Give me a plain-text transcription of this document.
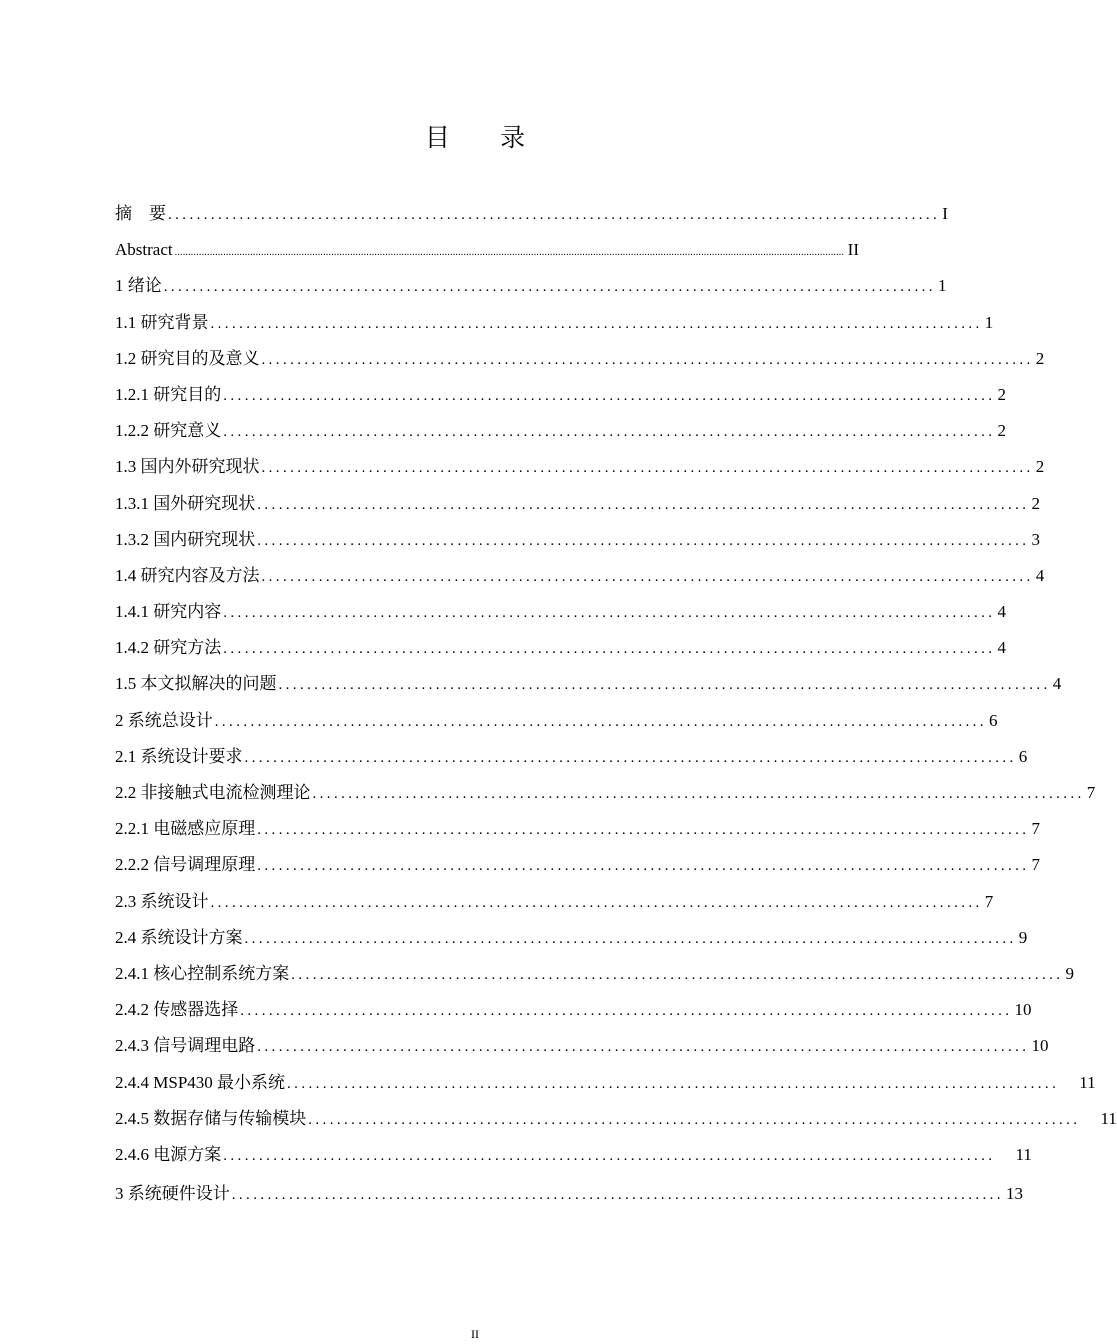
目 录
摘　要 ............................................................................................................ I
Abstract ........................................................................................................................................................................................................................................................ II
1 绪论 ............................................................................................................ 1
1.1 研究背景 ............................................................................................................ 1
1.2 研究目的及意义 ............................................................................................................ 2
1.2.1 研究目的 ............................................................................................................ 2
1.2.2 研究意义 ............................................................................................................ 2
1.3 国内外研究现状 ............................................................................................................ 2
1.3.1 国外研究现状 ............................................................................................................ 2
1.3.2 国内研究现状 ............................................................................................................ 3
1.4 研究内容及方法 ............................................................................................................ 4
1.4.1 研究内容 ............................................................................................................ 4
1.4.2 研究方法 ............................................................................................................ 4
1.5 本文拟解决的问题 ............................................................................................................ 4
2 系统总设计 ............................................................................................................ 6
2.1 系统设计要求 ............................................................................................................ 6
2.2 非接触式电流检测理论 ............................................................................................................ 7
2.2.1 电磁感应原理 ............................................................................................................ 7
2.2.2 信号调理原理 ............................................................................................................ 7
2.3 系统设计 ............................................................................................................ 7
2.4 系统设计方案 ............................................................................................................ 9
2.4.1 核心控制系统方案 ............................................................................................................ 9
2.4.2 传感器选择 ............................................................................................................ 10
2.4.3 信号调理电路 ............................................................................................................ 10
2.4.4 MSP430 最小系统 ............................................................................................................	11
2.4.5 数据存储与传输模块 ............................................................................................................	11
2.4.6 电源方案 ............................................................................................................	11
3 系统硬件设计 ............................................................................................................ 13
II
